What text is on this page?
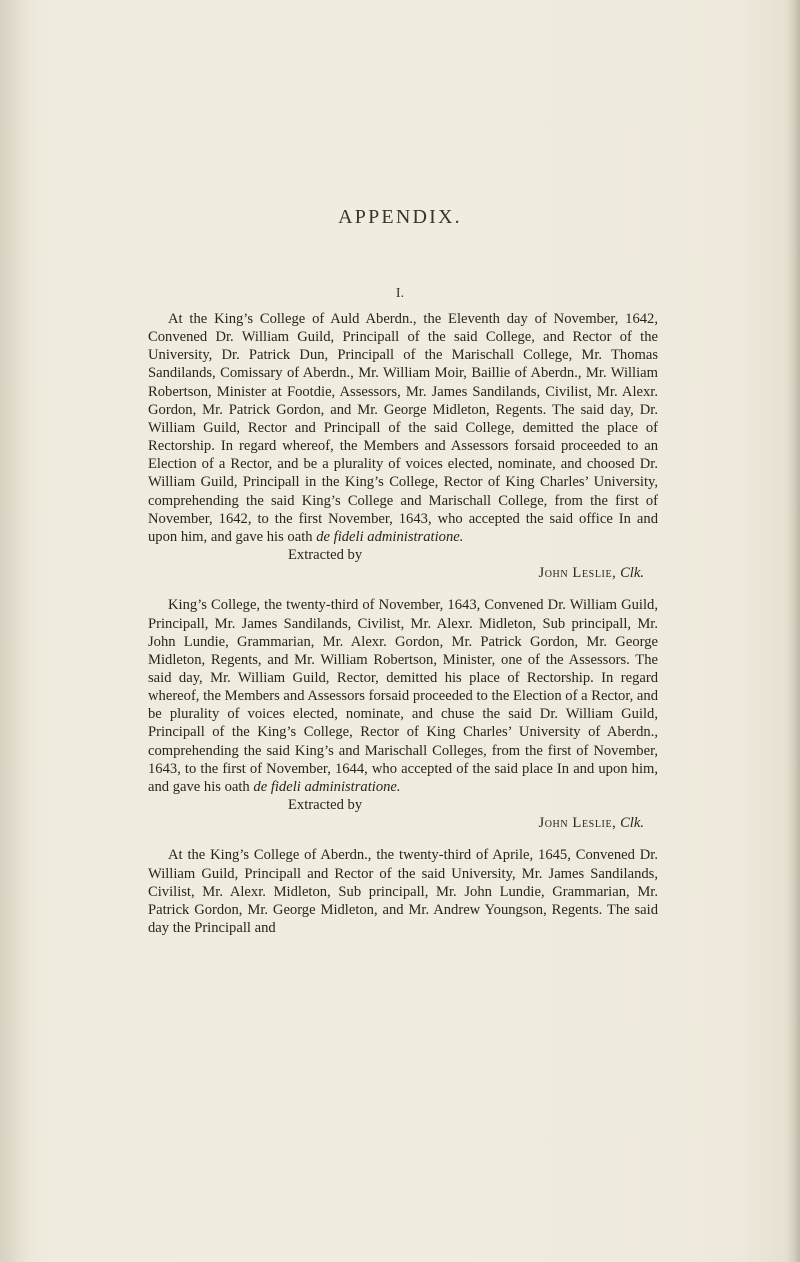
APPENDIX.
I.

At the King’s College of Auld Aberdn., the Eleventh day of November, 1642, Convened Dr. William Guild, Principall of the said College, and Rector of the University, Dr. Patrick Dun, Principall of the Marischall College, Mr. Thomas Sandilands, Comissary of Aberdn., Mr. William Moir, Baillie of Aberdn., Mr. William Robertson, Minister at Footdie, Assessors, Mr. James Sandilands, Civilist, Mr. Alexr. Gordon, Mr. Patrick Gordon, and Mr. George Midleton, Regents. The said day, Dr. William Guild, Rector and Principall of the said College, demitted the place of Rectorship. In regard whereof, the Members and Assessors forsaid proceeded to an Election of a Rector, and be a plurality of voices elected, nominate, and choosed Dr. William Guild, Principall in the King’s College, Rector of King Charles’ University, comprehending the said King’s College and Marischall College, from the first of November, 1642, to the first November, 1643, who accepted the said office In and upon him, and gave his oath de fideli administratione.

Extracted by

John Leslie, Clk.

King’s College, the twenty-third of November, 1643, Convened Dr. William Guild, Principall, Mr. James Sandilands, Civilist, Mr. Alexr. Midleton, Sub principall, Mr. John Lundie, Grammarian, Mr. Alexr. Gordon, Mr. Patrick Gordon, Mr. George Midleton, Regents, and Mr. William Robertson, Minister, one of the Assessors. The said day, Mr. William Guild, Rector, demitted his place of Rectorship. In regard whereof, the Members and Assessors forsaid proceeded to the Election of a Rector, and be plurality of voices elected, nominate, and chuse the said Dr. William Guild, Principall of the King’s College, Rector of King Charles’ University of Aberdn., comprehending the said King’s and Marischall Colleges, from the first of November, 1643, to the first of November, 1644, who accepted of the said place In and upon him, and gave his oath de fideli administratione.

Extracted by

John Leslie, Clk.

At the King’s College of Aberdn., the twenty-third of Aprile, 1645, Convened Dr. William Guild, Principall and Rector of the said University, Mr. James Sandilands, Civilist, Mr. Alexr. Midleton, Sub principall, Mr. John Lundie, Grammarian, Mr. Patrick Gordon, Mr. George Midleton, and Mr. Andrew Youngson, Regents. The said day the Principall and
